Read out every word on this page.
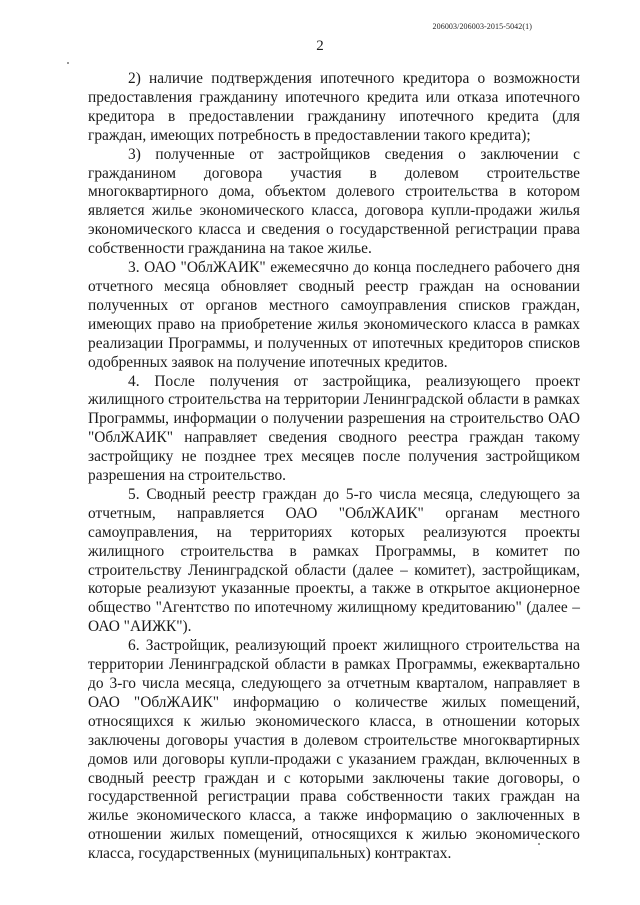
206003/206003-2015-5042(1)
2

2) наличие подтверждения ипотечного кредитора о возможности предоставления гражданину ипотечного кредита или отказа ипотечного кредитора в предоставлении гражданину ипотечного кредита (для граждан, имеющих потребность в предоставлении такого кредита);

3) полученные от застройщиков сведения о заключении с гражданином договора участия в долевом строительстве многоквартирного дома, объектом долевого строительства в котором является жилье экономического класса, договора купли-продажи жилья экономического класса и сведения о государственной регистрации права собственности гражданина на такое жилье.

3. ОАО "ОблЖАИК" ежемесячно до конца последнего рабочего дня отчетного месяца обновляет сводный реестр граждан на основании полученных от органов местного самоуправления списков граждан, имеющих право на приобретение жилья экономического класса в рамках реализации Программы, и полученных от ипотечных кредиторов списков одобренных заявок на получение ипотечных кредитов.

4. После получения от застройщика, реализующего проект жилищного строительства на территории Ленинградской области в рамках Программы, информации о получении разрешения на строительство ОАО "ОблЖАИК" направляет сведения сводного реестра граждан такому застройщику не позднее трех месяцев после получения застройщиком разрешения на строительство.

5. Сводный реестр граждан до 5-го числа месяца, следующего за отчетным, направляется ОАО "ОблЖАИК" органам местного самоуправления, на территориях которых реализуются проекты жилищного строительства в рамках Программы, в комитет по строительству Ленинградской области (далее – комитет), застройщикам, которые реализуют указанные проекты, а также в открытое акционерное общество "Агентство по ипотечному жилищному кредитованию" (далее – ОАО "АИЖК").

6. Застройщик, реализующий проект жилищного строительства на территории Ленинградской области в рамках Программы, ежеквартально до 3-го числа месяца, следующего за отчетным кварталом, направляет в ОАО "ОблЖАИК" информацию о количестве жилых помещений, относящихся к жилью экономического класса, в отношении которых заключены договоры участия в долевом строительстве многоквартирных домов или договоры купли-продажи с указанием граждан, включенных в сводный реестр граждан и с которыми заключены такие договоры, о государственной регистрации права собственности таких граждан на жилье экономического класса, а также информацию о заключенных в отношении жилых помещений, относящихся к жилью экономического класса, государственных (муниципальных) контрактах.
